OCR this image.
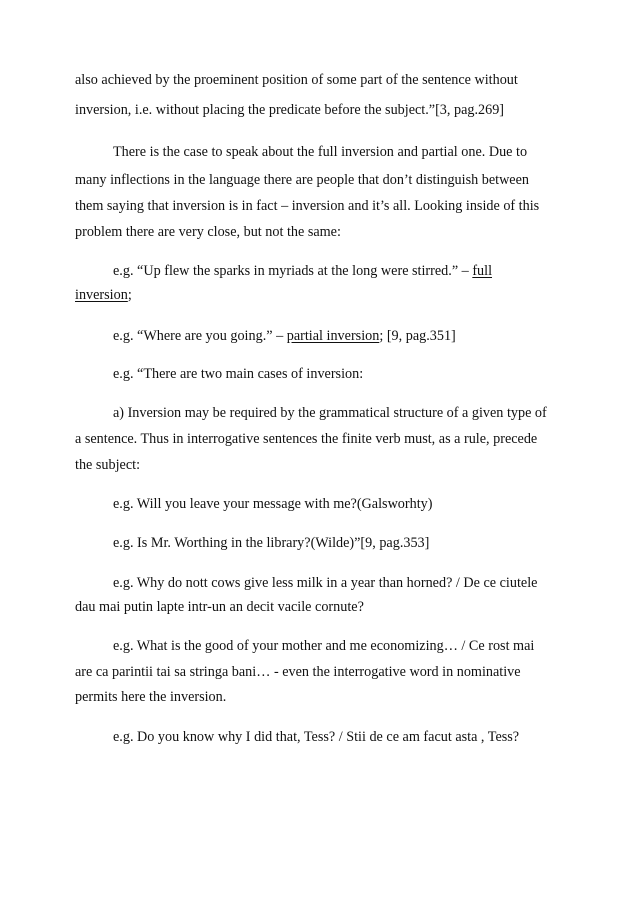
also achieved by the proeminent position of some part of the sentence without
inversion, i.e. without placing the predicate before the subject.”[3, pag.269]
There is the case to speak about the full inversion and partial one. Due to
many inflections in the language there are people that don’t distinguish between
them saying that inversion is in fact – inversion and it’s all. Looking inside of this
problem there are very close, but not the same:
e.g. “Up flew the sparks in myriads at the long were stirred.” – full
inversion;
e.g. “Where are you going.” – partial inversion; [9, pag.351]
e.g. “There are two main cases of inversion:
a) Inversion may be required by the grammatical structure of a given type of
a sentence. Thus in interrogative sentences the finite verb must, as a rule, precede
the subject:
e.g. Will you leave your message with me?(Galsworhty)
e.g. Is Mr. Worthing in the library?(Wilde)”[9, pag.353]
e.g. Why do nott cows give less milk in a year than horned? / De ce ciutele
dau mai putin lapte intr-un an decit vacile cornute?
e.g. What is the good of your mother and me economizing… / Ce rost mai
are ca parintii tai sa stringa bani… - even the interrogative word in nominative
permits here the inversion.
e.g. Do you know why I did that, Tess? / Stii de ce am facut asta , Tess?
